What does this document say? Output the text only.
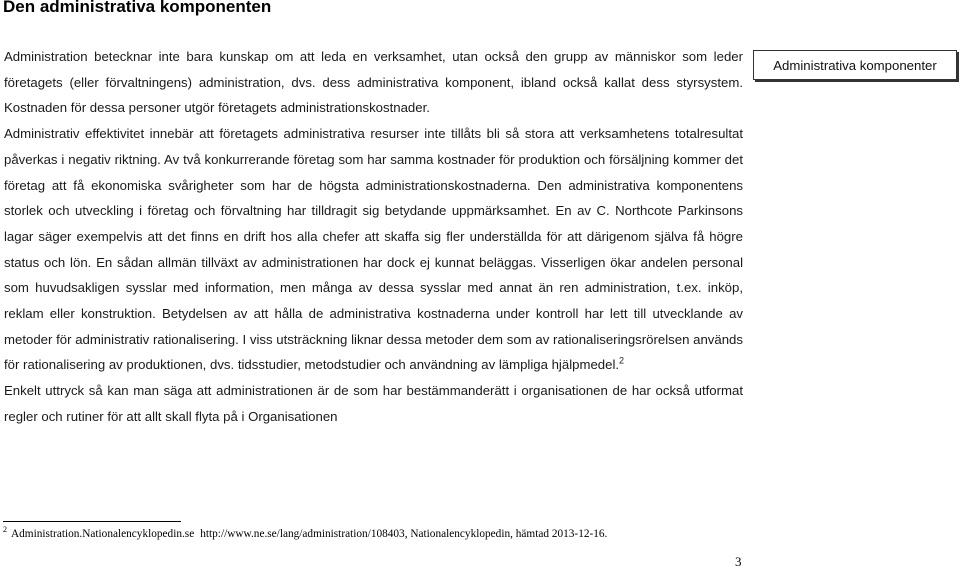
Den administrativa komponenten

Administration betecknar inte bara kunskap om att leda en verksamhet, utan också den grupp av människor som leder företagets (eller förvaltningens) administration, dvs. dess administrativa komponent, ibland också kallat dess styrsystem. Kostnaden för dessa personer utgör företagets administrationskostnader.

Administrativ effektivitet innebär att företagets administrativa resurser inte tillåts bli så stora att verksamhetens totalresultat påverkas i negativ riktning. Av två konkurrerande företag som har samma kostnader för produktion och försäljning kommer det företag att få ekonomiska svårigheter som har de högsta administrationskostnaderna. Den administrativa komponentens storlek och utveckling i företag och förvaltning har tilldragit sig betydande uppmärksamhet. En av C. Northcote Parkinsons lagar säger exempelvis att det finns en drift hos alla chefer att skaffa sig fler underställda för att därigenom själva få högre status och lön. En sådan allmän tillväxt av administrationen har dock ej kunnat beläggas. Visserligen ökar andelen personal som huvudsakligen sysslar med information, men många av dessa sysslar med annat än ren administration, t.ex. inköp, reklam eller konstruktion. Betydelsen av att hålla de administrativa kostnaderna under kontroll har lett till utvecklande av metoder för administrativ rationalisering. I viss utsträckning liknar dessa metoder dem som av rationaliseringsrörelsen används för rationalisering av produktionen, dvs. tidsstudier, metodstudier och användning av lämpliga hjälpmedel.$^2$

Enkelt uttryck så kan man säga att administrationen är de som har bestämmanderätt i organisationen de har också utformat regler och rutiner för att allt skall flyta på i Organisationen

Administrativa komponenter
$^2$ Administration.Nationalencyklopedin.se http://www.ne.se/lang/administration/108403, Nationalencyklopedin, hämtad 2013-12-16.
3
